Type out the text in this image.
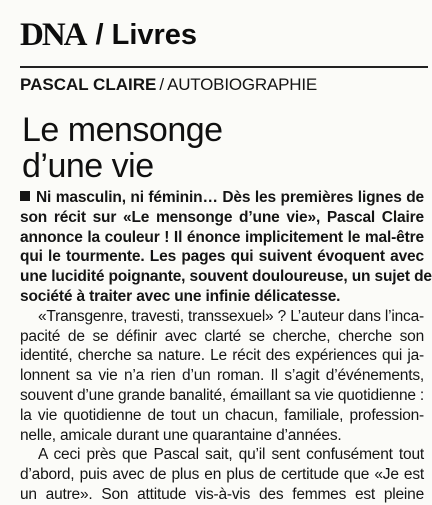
DNA / Livres
PASCAL CLAIRE / AUTOBIOGRAPHIE
Le mensonge
d’une vie
Ni masculin, ni féminin… Dès les premières lignes de
son récit sur «Le mensonge d’une vie», Pascal Claire
annonce la couleur ! Il énonce implicitement le mal-être
qui le tourmente. Les pages qui suivent évoquent avec
une lucidité poignante, souvent douloureuse, un sujet de
société à traiter avec une infinie délicatesse.
«Transgenre, travesti, transsexuel» ? L’auteur dans l’inca-
pacité de se définir avec clarté se cherche, cherche son
identité, cherche sa nature. Le récit des expériences qui ja-
lonnent sa vie n’a rien d’un roman. Il s’agit d’événements,
souvent d’une grande banalité, émaillant sa vie quotidienne :
la vie quotidienne de tout un chacun, familiale, profession-
nelle, amicale durant une quarantaine d’années.
A ceci près que Pascal sait, qu’il sent confusément tout
d’abord, puis avec de plus en plus de certitude que «Je est
un autre». Son attitude vis-à-vis des femmes est pleine
